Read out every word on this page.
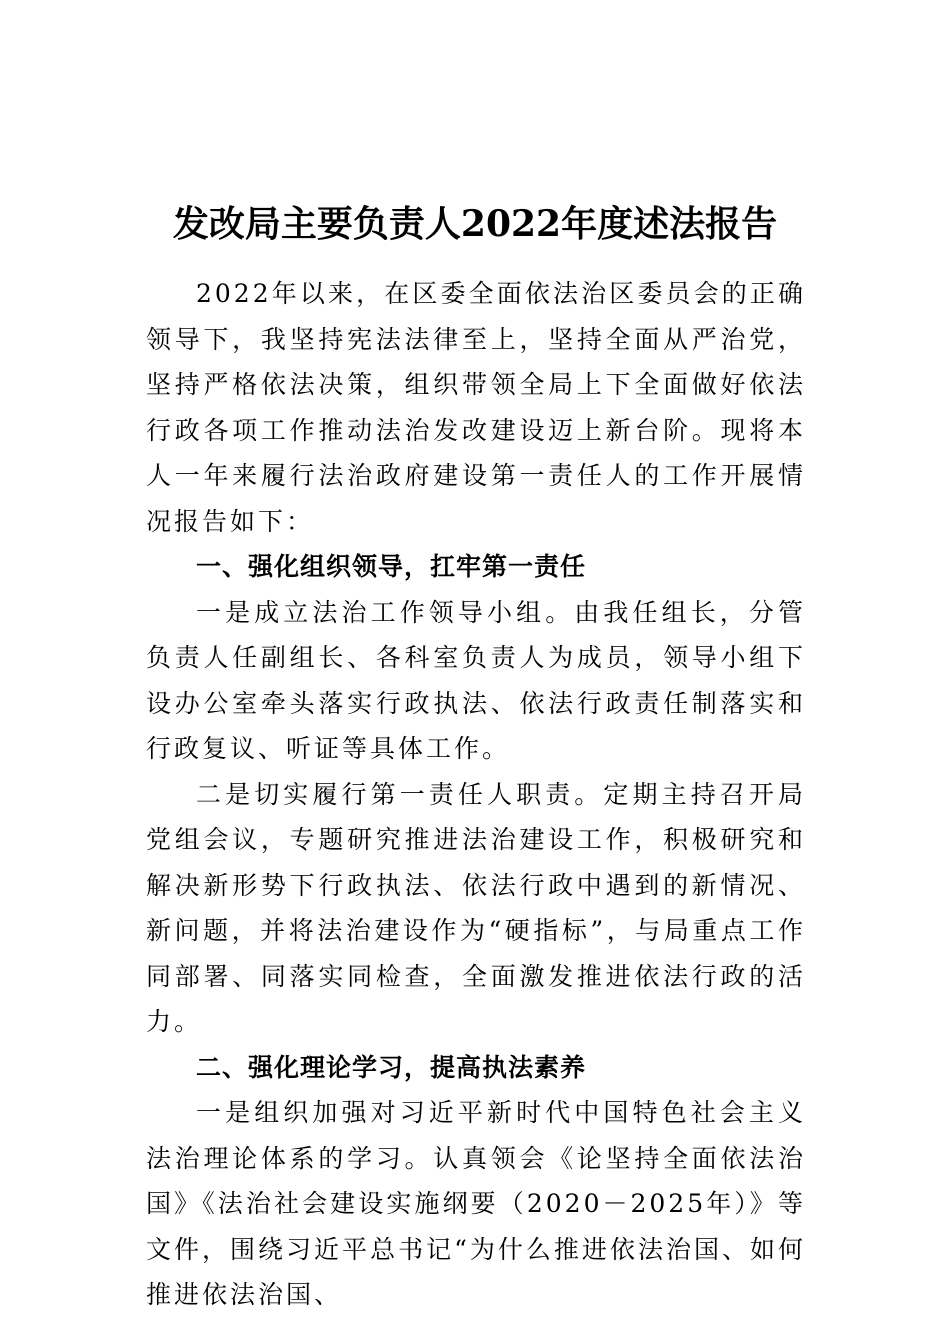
发改局主要负责人2022年度述法报告

2022年以来，在区委全面依法治区委员会的正确领导下，我坚持宪法法律至上，坚持全面从严治党，坚持严格依法决策，组织带领全局上下全面做好依法行政各项工作推动法治发改建设迈上新台阶。现将本人一年来履行法治政府建设第一责任人的工作开展情况报告如下：

一、强化组织领导，扛牢第一责任

一是成立法治工作领导小组。由我任组长，分管负责人任副组长、各科室负责人为成员，领导小组下设办公室牵头落实行政执法、依法行政责任制落实和行政复议、听证等具体工作。

二是切实履行第一责任人职责。定期主持召开局党组会议，专题研究推进法治建设工作，积极研究和解决新形势下行政执法、依法行政中遇到的新情况、新问题，并将法治建设作为“硬指标”，与局重点工作同部署、同落实同检查，全面激发推进依法行政的活力。

二、强化理论学习，提高执法素养

一是组织加强对习近平新时代中国特色社会主义法治理论体系的学习。认真领会《论坚持全面依法治国》《法治社会建设实施纲要（2020－2025年）》等文件，围绕习近平总书记“为什么推进依法治国、如何推进依法治国、
